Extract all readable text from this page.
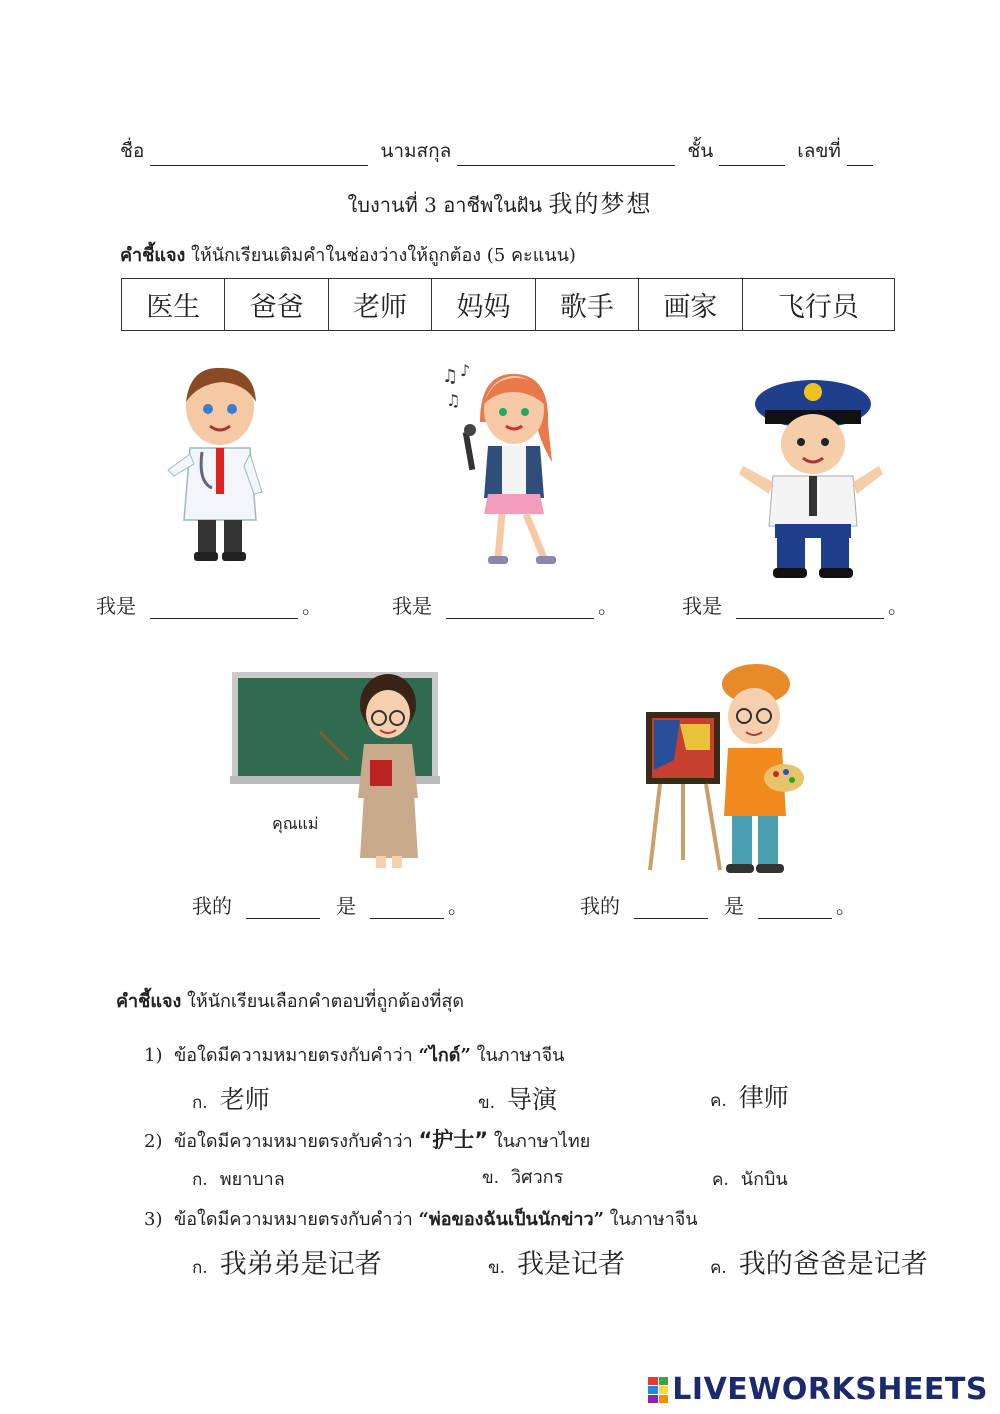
ชื่อ	นามสกุล	ชั้น	เลขที่
ใบงานที่ 3 อาชีพในฝัน 我的梦想
คำชี้แจง ให้นักเรียนเติมคำในช่องว่างให้ถูกต้อง (5 คะแนน)
医生	爸爸	老师	妈妈	歌手	画家	飞行员
♫ ♪
♫
我是	。	我是	。	我是	。
คุณแม่
我的	是	。	我的	是	。
คำชี้แจง ให้นักเรียนเลือกคำตอบที่ถูกต้องที่สุด
1) ข้อใดมีความหมายตรงกับคำว่า “ไกด์” ในภาษาจีน
ก. 老师	ข. 导演	ค. 律师
2) ข้อใดมีความหมายตรงกับคำว่า “护士” ในภาษาไทย
ก. พยาบาล	ข. วิศวกร	ค. นักบิน
3) ข้อใดมีความหมายตรงกับคำว่า “พ่อของฉันเป็นนักข่าว” ในภาษาจีน
ก. 我弟弟是记者	ข. 我是记者	ค. 我的爸爸是记者
LIVEWORKSHEETS
